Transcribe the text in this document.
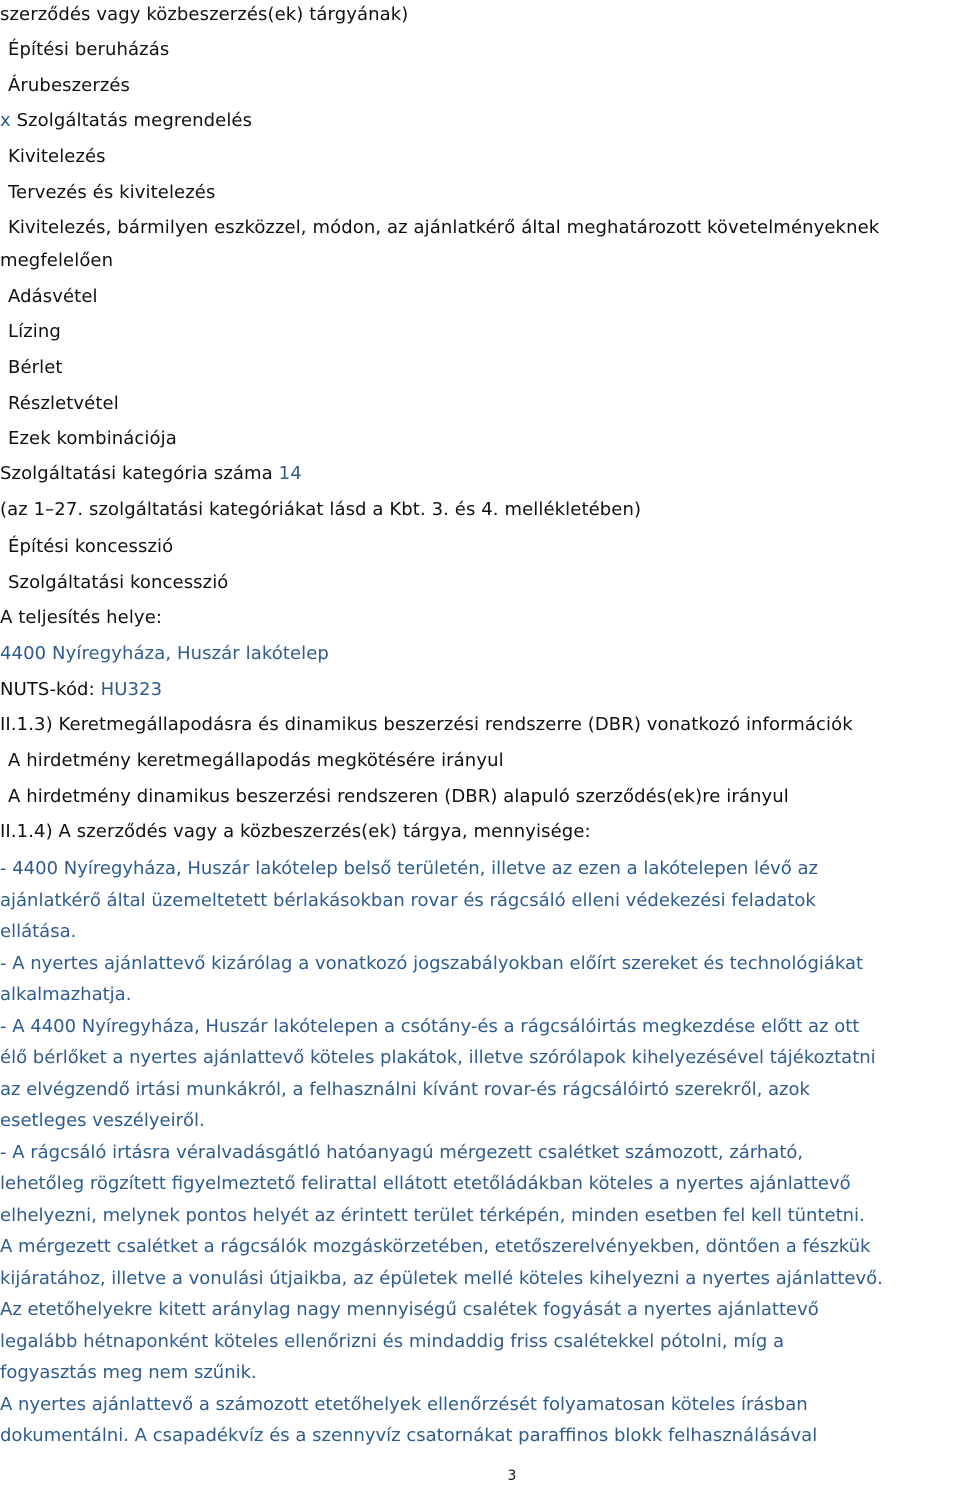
szerződés vagy közbeszerzés(ek) tárgyának)
Építési beruházás
Árubeszerzés
x Szolgáltatás megrendelés
Kivitelezés
Tervezés és kivitelezés
Kivitelezés, bármilyen eszközzel, módon, az ajánlatkérő által meghatározott követelményeknek
megfelelően
Adásvétel
Lízing
Bérlet
Részletvétel
Ezek kombinációja
Szolgáltatási kategória száma 14
(az 1–27. szolgáltatási kategóriákat lásd a Kbt. 3. és 4. mellékletében)
Építési koncesszió
Szolgáltatási koncesszió
A teljesítés helye:
4400 Nyíregyháza, Huszár lakótelep
NUTS-kód: HU323
II.1.3) Keretmegállapodásra és dinamikus beszerzési rendszerre (DBR) vonatkozó információk
A hirdetmény keretmegállapodás megkötésére irányul
A hirdetmény dinamikus beszerzési rendszeren (DBR) alapuló szerződés(ek)re irányul
II.1.4) A szerződés vagy a közbeszerzés(ek) tárgya, mennyisége:
- 4400 Nyíregyháza, Huszár lakótelep belső területén, illetve az ezen a lakótelepen lévő az
ajánlatkérő által üzemeltetett bérlakásokban rovar és rágcsáló elleni védekezési feladatok
ellátása.
- A nyertes ajánlattevő kizárólag a vonatkozó jogszabályokban előírt szereket és technológiákat
alkalmazhatja.
- A 4400 Nyíregyháza, Huszár lakótelepen a csótány-és a rágcsálóirtás megkezdése előtt az ott
élő bérlőket a nyertes ajánlattevő köteles plakátok, illetve szórólapok kihelyezésével tájékoztatni
az elvégzendő irtási munkákról, a felhasználni kívánt rovar-és rágcsálóirtó szerekről, azok
esetleges veszélyeiről.
- A rágcsáló irtásra véralvadásgátló hatóanyagú mérgezett csalétket számozott, zárható,
lehetőleg rögzített figyelmeztető felirattal ellátott etetőládákban köteles a nyertes ajánlattevő
elhelyezni, melynek pontos helyét az érintett terület térképén, minden esetben fel kell tüntetni.
A mérgezett csalétket a rágcsálók mozgáskörzetében, etetőszerelvényekben, döntően a fészkük
kijáratához, illetve a vonulási útjaikba, az épületek mellé köteles kihelyezni a nyertes ajánlattevő.
Az etetőhelyekre kitett aránylag nagy mennyiségű csalétek fogyását a nyertes ajánlattevő
legalább hétnaponként köteles ellenőrizni és mindaddig friss csalétekkel pótolni, míg a
fogyasztás meg nem szűnik.
A nyertes ajánlattevő a számozott etetőhelyek ellenőrzését folyamatosan köteles írásban
dokumentálni. A csapadékvíz és a szennyvíz csatornákat paraffinos blokk felhasználásával
3
